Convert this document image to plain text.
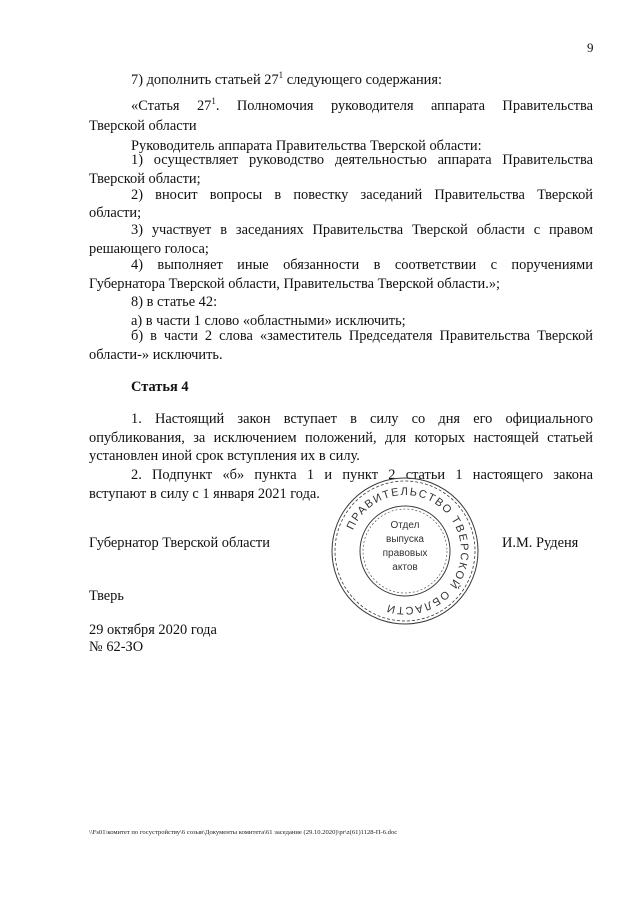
9
7) дополнить статьей $27^1$ следующего содержания:
«Статья $27^1$. Полномочия руководителя аппарата Правительства
Тверской области
Руководитель аппарата Правительства Тверской области:
1) осуществляет руководство деятельностью аппарата Правительства
Тверской области;
2) вносит вопросы в повестку заседаний Правительства Тверской
области;
3) участвует в заседаниях Правительства Тверской области с правом
решающего голоса;
4) выполняет иные обязанности в соответствии с поручениями
Губернатора Тверской области, Правительства Тверской области.»;
8) в статье 42:
а) в части 1 слово «областными» исключить;
б) в части 2 слова «заместитель Председателя Правительства Тверской
области-» исключить.
Статья 4
1. Настоящий закон вступает в силу со дня его официального
опубликования, за исключением положений, для которых настоящей статьей
установлен иной срок вступления их в силу.
2. Подпункт «б» пункта 1 и пункт 2 статьи 1 настоящего закона
вступают в силу с 1 января 2021 года.
Губернатор Тверской области	И.М. Руденя
ПРАВИТЕЛЬСТВО ТВЕРСКОЙ ОБЛАСТИ
Отдел
выпуска
правовых
актов
Тверь
29 октября 2020 года
№ 62-ЗО
\\Fs01\комитет по госустройству\6 созыв\Документы комитета\61 заседание (29.10.2020)\pr\z(61)1128-П-6.doc
